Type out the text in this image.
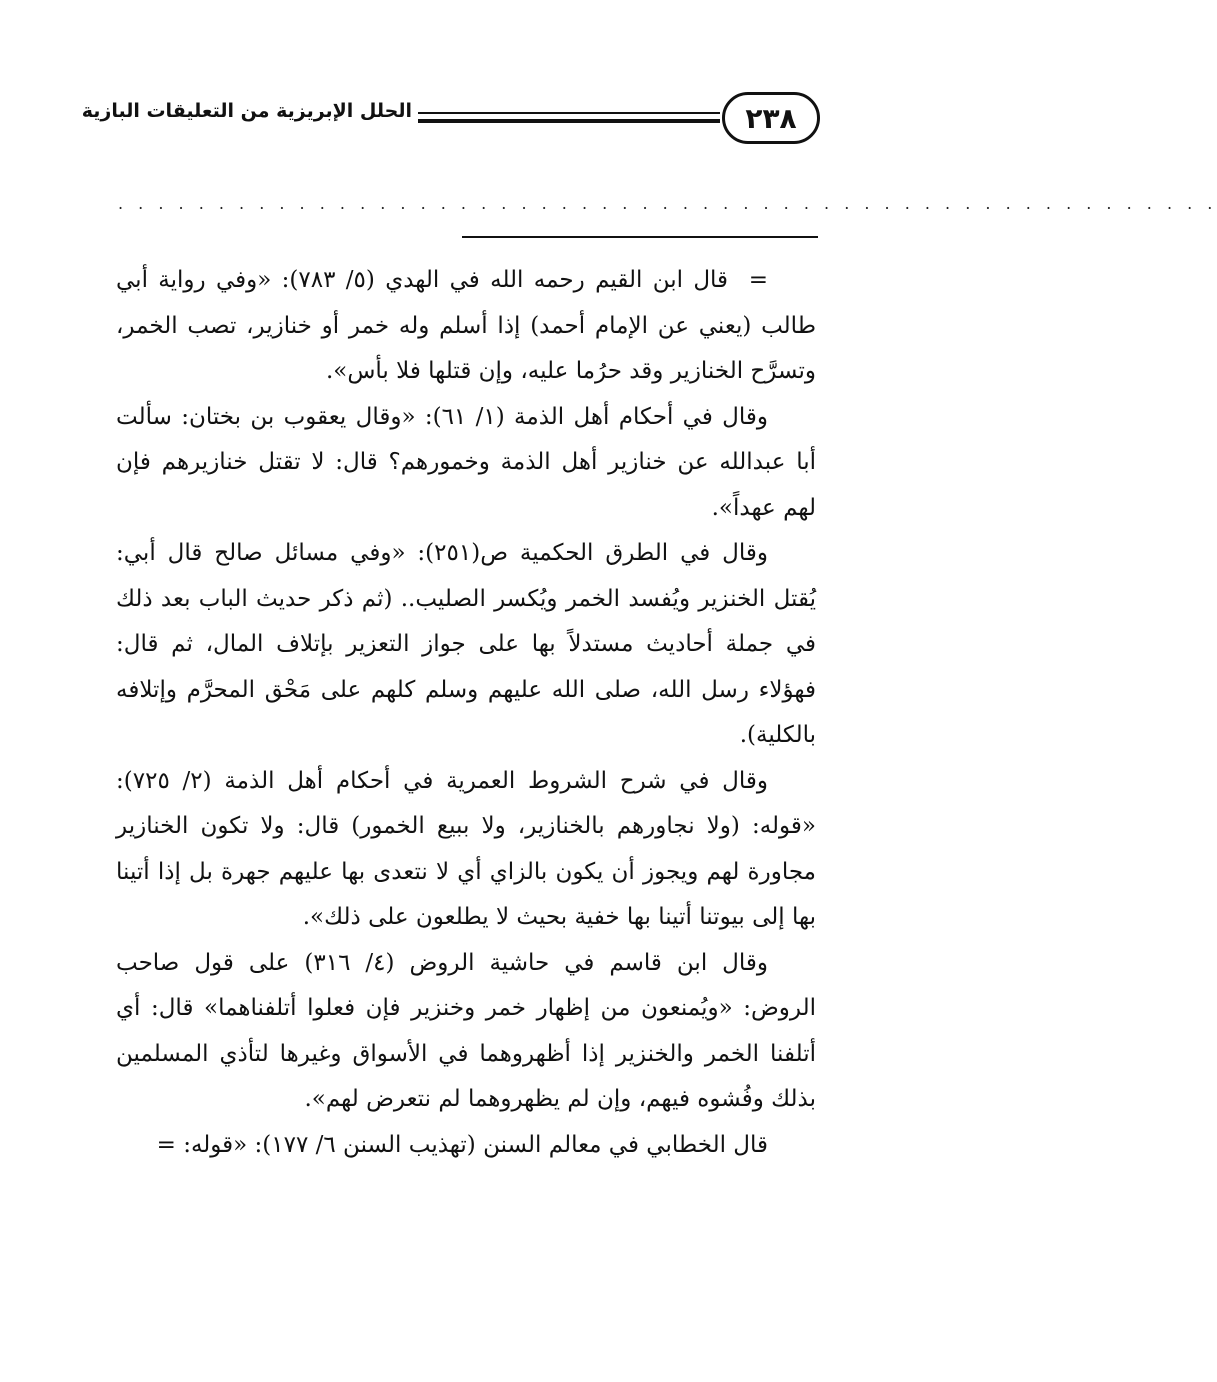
٢٣٨
الحلل الإبريزية من التعليقات البازية
. . . . . . . . . . . . . . . . . . . . . . . . . . . . . . . . . . . . . . . . . . . . . . . . . . . . . . .

=  قال ابن القيم رحمه الله في الهدي (٥/ ٧٨٣): «وفي رواية أبي طالب (يعني عن الإمام أحمد) إذا أسلم وله خمر أو خنازير، تصب الخمر، وتسرَّح الخنازير وقد حرُما عليه، وإن قتلها فلا بأس».

وقال في أحكام أهل الذمة (١/ ٦١): «وقال يعقوب بن بختان: سألت أبا عبدالله عن خنازير أهل الذمة وخمورهم؟ قال: لا تقتل خنازيرهم فإن لهم عهداً».

وقال في الطرق الحكمية ص(٢٥١): «وفي مسائل صالح قال أبي: يُقتل الخنزير ويُفسد الخمر ويُكسر الصليب.. (ثم ذكر حديث الباب بعد ذلك في جملة أحاديث مستدلاً بها على جواز التعزير بإتلاف المال، ثم قال: فهؤلاء رسل الله، صلى الله عليهم وسلم كلهم على مَحْق المحرَّم وإتلافه بالكلية).

وقال في شرح الشروط العمرية في أحكام أهل الذمة (٢/ ٧٢٥): «قوله: (ولا نجاورهم بالخنازير، ولا ببيع الخمور) قال: ولا تكون الخنازير مجاورة لهم ويجوز أن يكون بالزاي أي لا نتعدى بها عليهم جهرة بل إذا أتينا بها إلى بيوتنا أتينا بها خفية بحيث لا يطلعون على ذلك».

وقال ابن قاسم في حاشية الروض (٤/ ٣١٦) على قول صاحب الروض: «ويُمنعون من إظهار خمر وخنزير فإن فعلوا أتلفناهما» قال: أي أتلفنا الخمر والخنزير إذا أظهروهما في الأسواق وغيرها لتأذي المسلمين بذلك وفُشوه فيهم، وإن لم يظهروهما لم نتعرض لهم».

قال الخطابي في معالم السنن (تهذيب السنن ٦/ ١٧٧): «قوله: =
